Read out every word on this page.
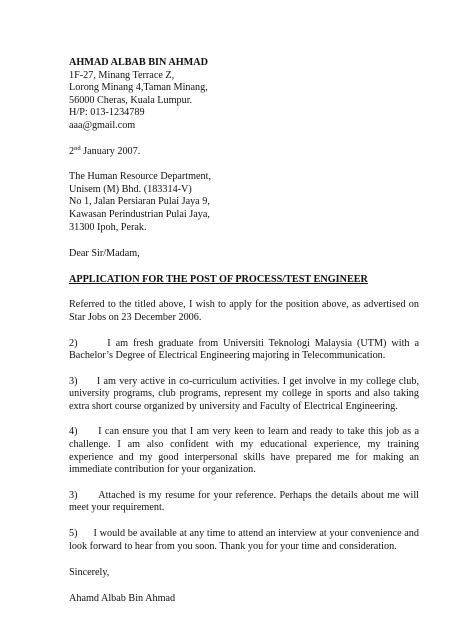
AHMAD ALBAB BIN AHMAD
1F-27, Minang Terrace Z,
Lorong Minang 4,Taman Minang,
56000 Cheras, Kuala Lumpur.
H/P: 013-1234789
aaa@gmail.com
2nd January 2007.
The Human Resource Department,
Unisem (M) Bhd. (183314-V)
No 1, Jalan Persiaran Pulai Jaya 9,
Kawasan Perindustrian Pulai Jaya,
31300 Ipoh, Perak.
Dear Sir/Madam,
APPLICATION FOR THE POST OF PROCESS/TEST ENGINEER
Referred to the titled above, I wish to apply for the position above, as advertised on Star Jobs on 23 December 2006.
2)      I am fresh graduate from Universiti Teknologi Malaysia (UTM) with a Bachelor’s Degree of Electrical Engineering majoring in Telecommunication.
3)      I am very active in co-curriculum activities. I get involve in my college club, university programs, club programs, represent my college in sports and also taking extra short course organized by university and Faculty of Electrical Engineering.
4)      I can ensure you that I am very keen to learn and ready to take this job as a challenge. I am also confident with my educational experience, my training experience and my good interpersonal skills have prepared me for making an immediate contribution for your organization.
3)      Attached is my resume for your reference. Perhaps the details about me will meet your requirement.
5)      I would be available at any time to attend an interview at your convenience and look forward to hear from you soon. Thank you for your time and consideration.
Sincerely,
Ahamd Albab Bin Ahmad
